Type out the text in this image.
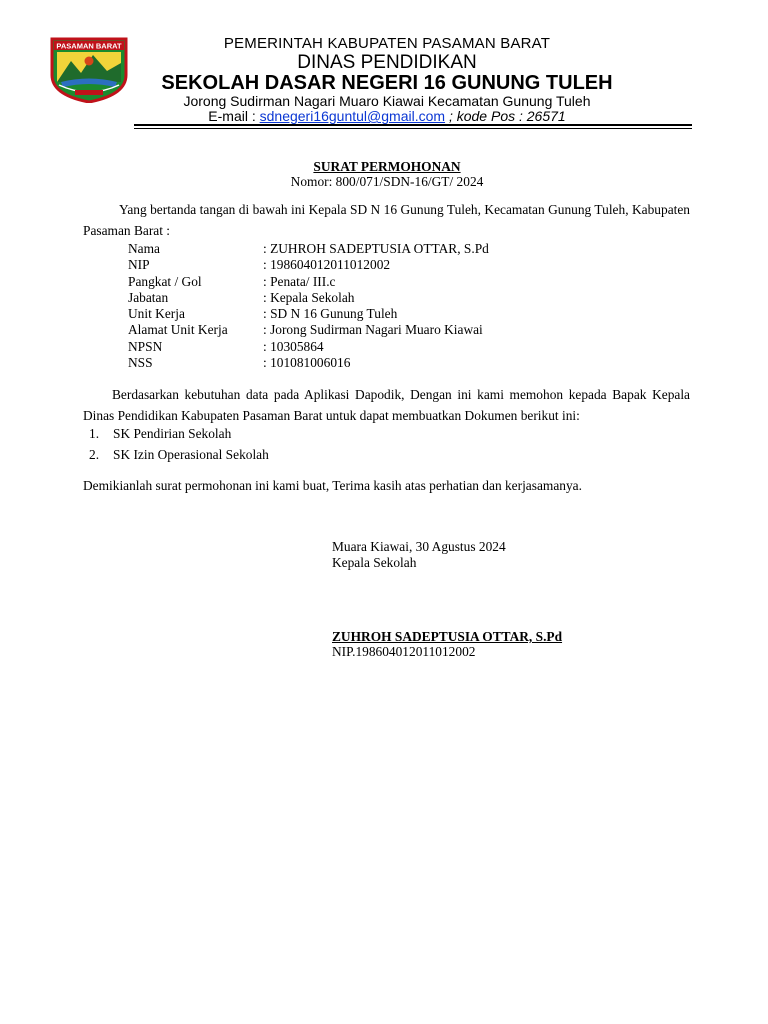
PASAMAN BARAT	PEMERINTAH KABUPATEN PASAMAN BARAT
DINAS PENDIDIKAN
SEKOLAH DASAR NEGERI 16 GUNUNG TULEH
Jorong Sudirman Nagari Muaro Kiawai Kecamatan Gunung Tuleh
E-mail : sdnegeri16guntul@gmail.com ; kode Pos : 26571
SURAT PERMOHONAN
Nomor: 800/071/SDN-16/GT/ 2024
Yang bertanda tangan di bawah ini Kepala SD N 16 Gunung Tuleh, Kecamatan Gunung Tuleh, Kabupaten Pasaman Barat :
Nama	: ZUHROH SADEPTUSIA OTTAR, S.Pd
NIP	: 198604012011012002
Pangkat / Gol	: Penata/ III.c
Jabatan	: Kepala Sekolah
Unit Kerja	: SD N 16 Gunung Tuleh
Alamat Unit Kerja	: Jorong Sudirman Nagari Muaro Kiawai
NPSN	: 10305864
NSS	: 101081006016
Berdasarkan kebutuhan data pada Aplikasi Dapodik, Dengan ini kami memohon kepada Bapak Kepala Dinas Pendidikan Kabupaten Pasaman Barat untuk dapat membuatkan Dokumen berikut ini:
1.	SK Pendirian Sekolah
2.	SK Izin Operasional Sekolah
Demikianlah surat permohonan ini kami buat, Terima kasih atas perhatian dan kerjasamanya.
Muara Kiawai, 30 Agustus 2024
Kepala Sekolah
ZUHROH SADEPTUSIA OTTAR, S.Pd
NIP.198604012011012002
